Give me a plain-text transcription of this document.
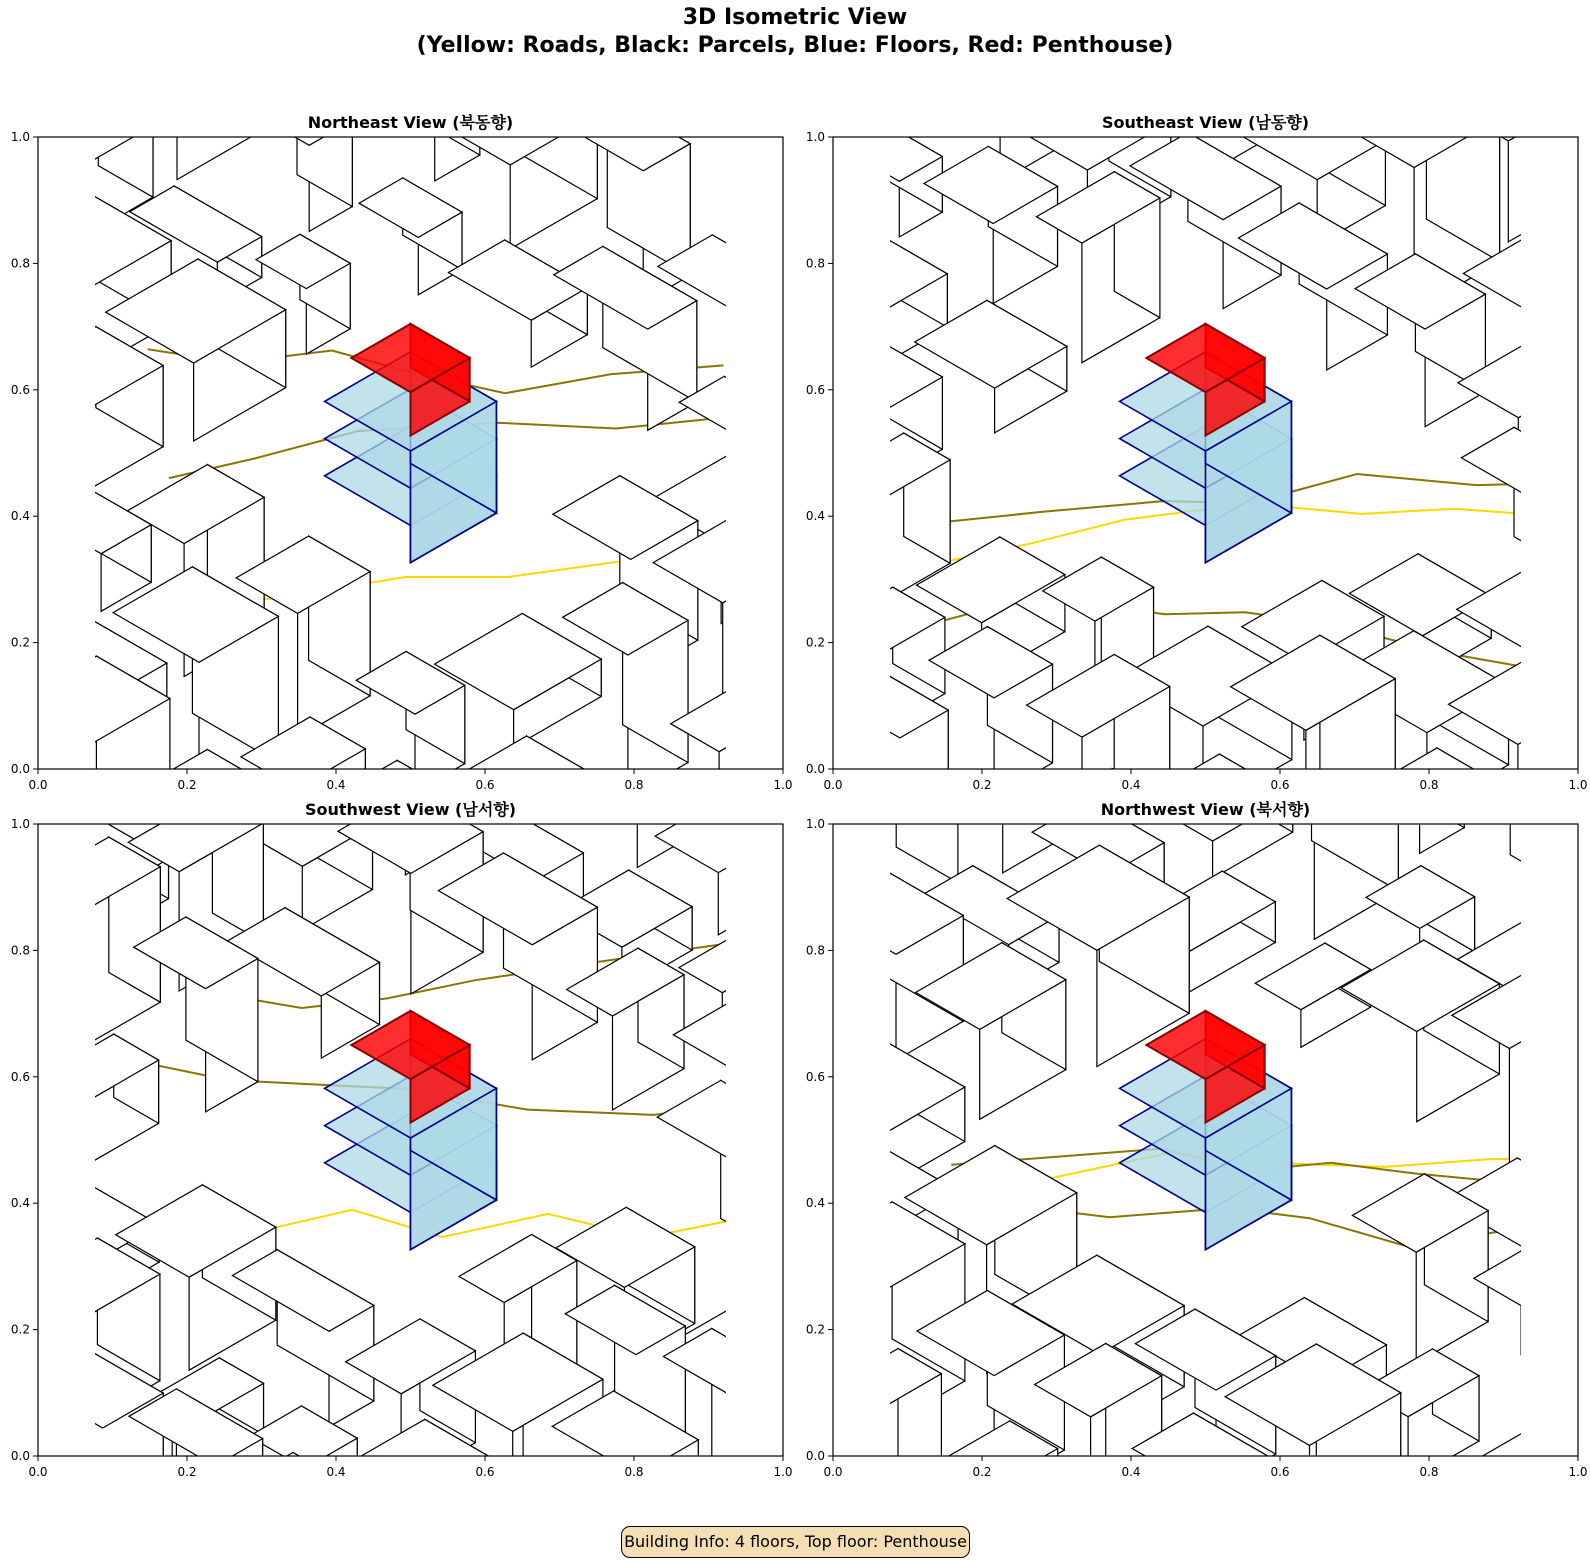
3D Isometric View
(Yellow: Roads, Black: Parcels, Blue: Floors, Red: Penthouse)
Northeast View (북동향)
0.0	0.2	0.4	0.6	0.8	1.0
0.0
0.2
0.4
0.6
0.8
1.0
Southeast View (남동향)
0.0	0.2	0.4	0.6	0.8	1.0
0.0
0.2
0.4
0.6
0.8
1.0
Southwest View (남서향)
0.0	0.2	0.4	0.6	0.8	1.0
0.0
0.2
0.4
0.6
0.8
1.0
Northwest View (북서향)
0.0	0.2	0.4	0.6	0.8	1.0
0.0
0.2
0.4
0.6
0.8
1.0
Building Info: 4 floors, Top floor: Penthouse
